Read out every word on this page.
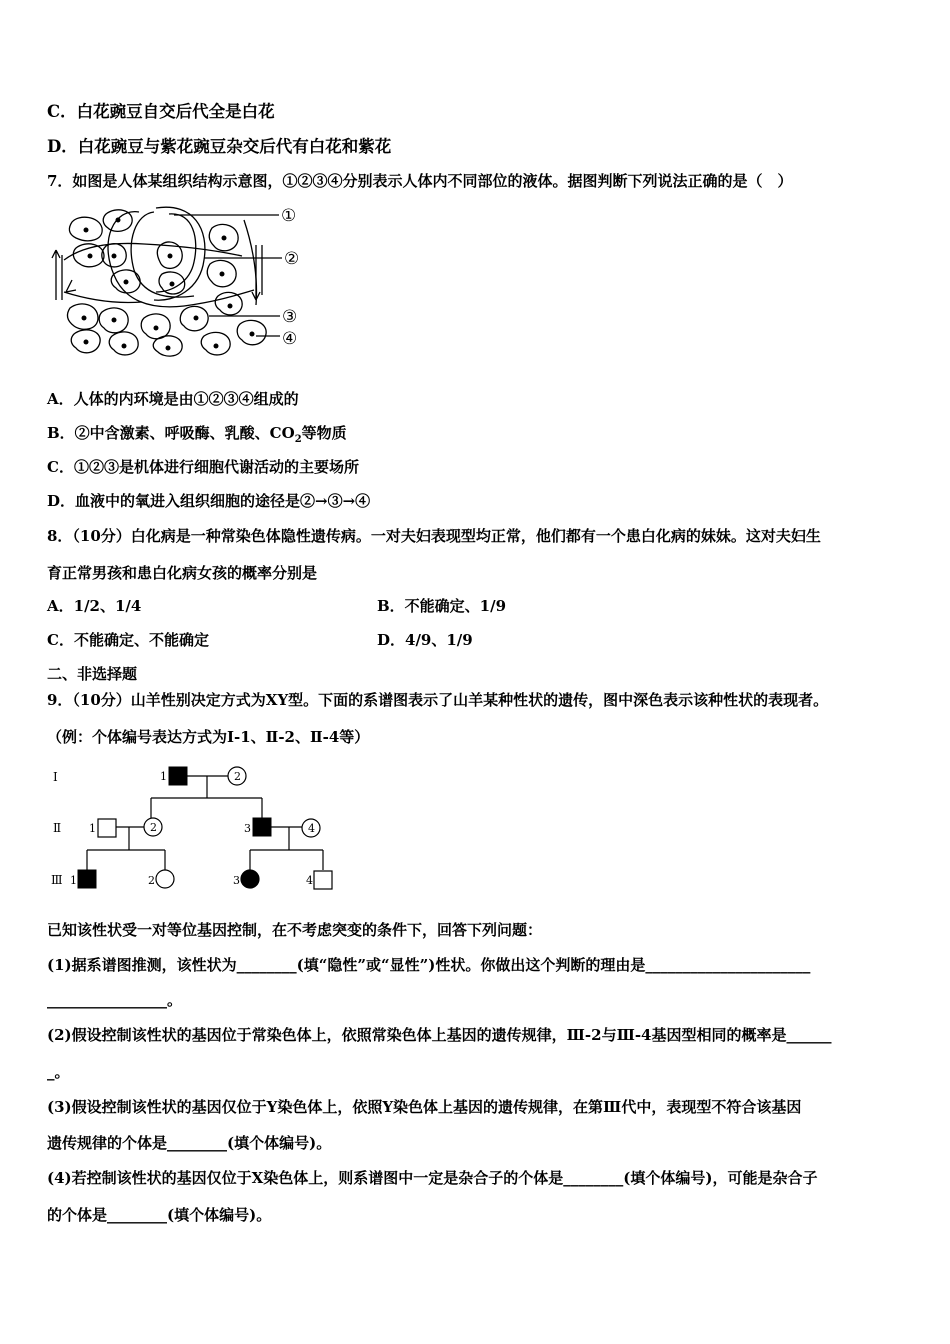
C．白花豌豆自交后代全是白花
D．白花豌豆与紫花豌豆杂交后代有白花和紫花
7．如图是人体某组织结构示意图，①②③④分别表示人体内不同部位的液体。据图判断下列说法正确的是（　）
①
②
③
④
A．人体的内环境是由①②③④组成的
B．②中含激素、呼吸酶、乳酸、$CO_2$等物质
C．①②③是机体进行细胞代谢活动的主要场所
D．血液中的氧进入组织细胞的途径是②→③→④
8．（10分）白化病是一种常染色体隐性遗传病。一对夫妇表现型均正常，他们都有一个患白化病的妹妹。这对夫妇生
育正常男孩和患白化病女孩的概率分别是
A．1/2、1/4	B．不能确定、1/9
C．不能确定、不能确定	D．4/9、1/9
二、非选择题
9．（10分）山羊性别决定方式为XY型。下面的系谱图表示了山羊某种性状的遗传，图中深色表示该种性状的表现者。
（例：个体编号表达方式为Ⅰ-1、Ⅱ-2、Ⅱ-4等）
Ⅰ
Ⅱ
Ⅲ
1	2
1	2	3	4
1	2	3	4
已知该性状受一对等位基因控制，在不考虑突变的条件下，回答下列问题：
(1)据系谱图推测，该性状为________(填“隐性”或“显性”)性状。你做出这个判断的理由是______________________
________________。
(2)假设控制该性状的基因位于常染色体上，依照常染色体上基因的遗传规律，Ⅲ-2与Ⅲ-4基因型相同的概率是______
_。
(3)假设控制该性状的基因仅位于Y染色体上，依照Y染色体上基因的遗传规律，在第Ⅲ代中，表现型不符合该基因
遗传规律的个体是________(填个体编号)。
(4)若控制该性状的基因仅位于X染色体上，则系谱图中一定是杂合子的个体是________(填个体编号)，可能是杂合子
的个体是________(填个体编号)。
